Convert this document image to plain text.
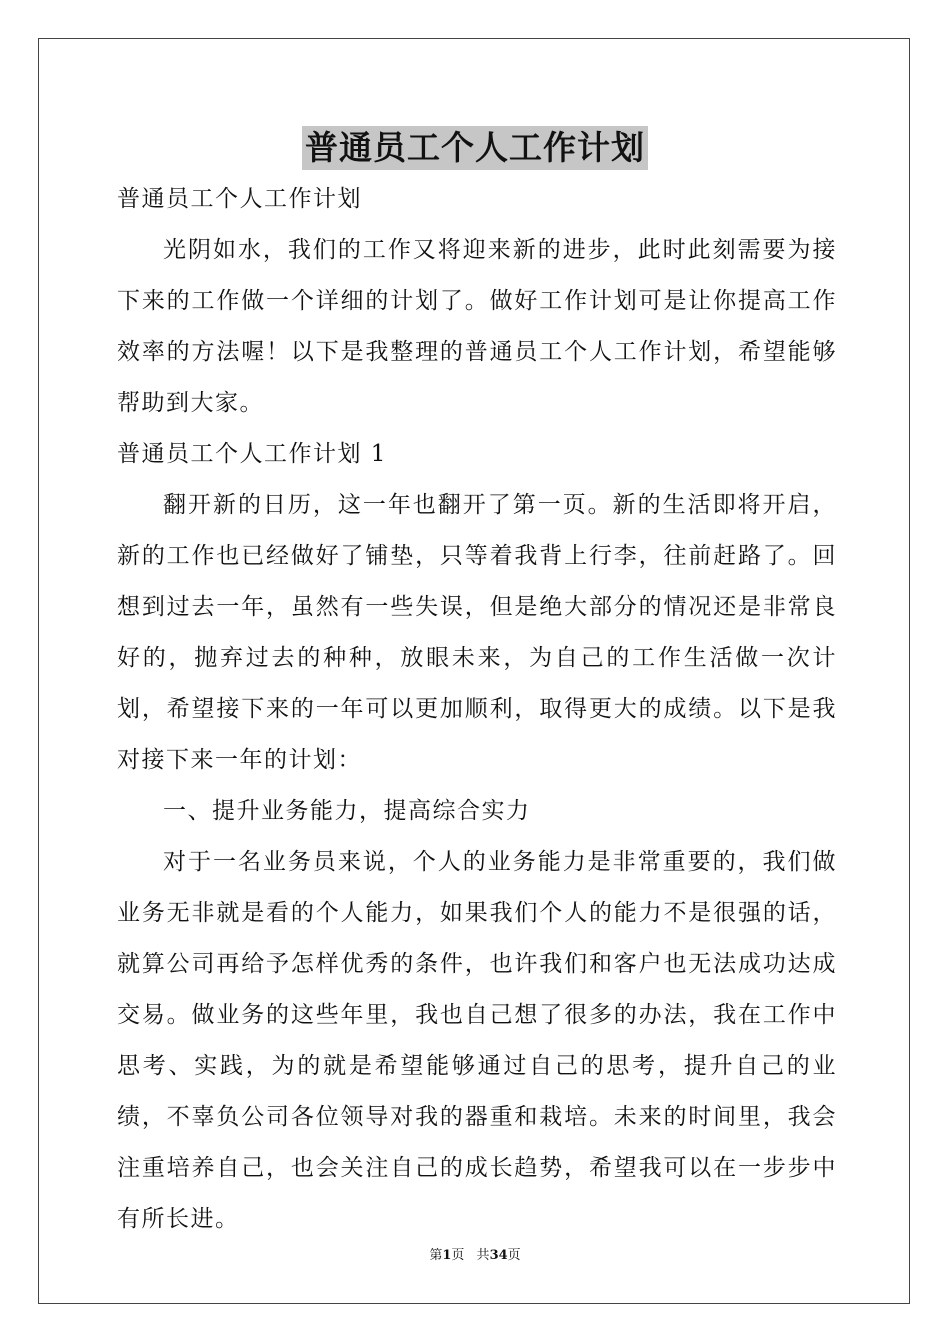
普通员工个人工作计划

普通员工个人工作计划

光阴如水，我们的工作又将迎来新的进步，此时此刻需要为接下来的工作做一个详细的计划了。做好工作计划可是让你提高工作效率的方法喔！以下是我整理的普通员工个人工作计划，希望能够帮助到大家。

普通员工个人工作计划 1

翻开新的日历，这一年也翻开了第一页。新的生活即将开启，新的工作也已经做好了铺垫，只等着我背上行李，往前赶路了。回想到过去一年，虽然有一些失误，但是绝大部分的情况还是非常良好的，抛弃过去的种种，放眼未来，为自己的工作生活做一次计划，希望接下来的一年可以更加顺利，取得更大的成绩。以下是我对接下来一年的计划：

一、提升业务能力，提高综合实力

对于一名业务员来说，个人的业务能力是非常重要的，我们做业务无非就是看的个人能力，如果我们个人的能力不是很强的话，就算公司再给予怎样优秀的条件，也许我们和客户也无法成功达成交易。做业务的这些年里，我也自己想了很多的办法，我在工作中思考、实践，为的就是希望能够通过自己的思考，提升自己的业绩，不辜负公司各位领导对我的器重和栽培。未来的时间里，我会注重培养自己，也会关注自己的成长趋势，希望我可以在一步步中有所长进。

第1页 共34页
